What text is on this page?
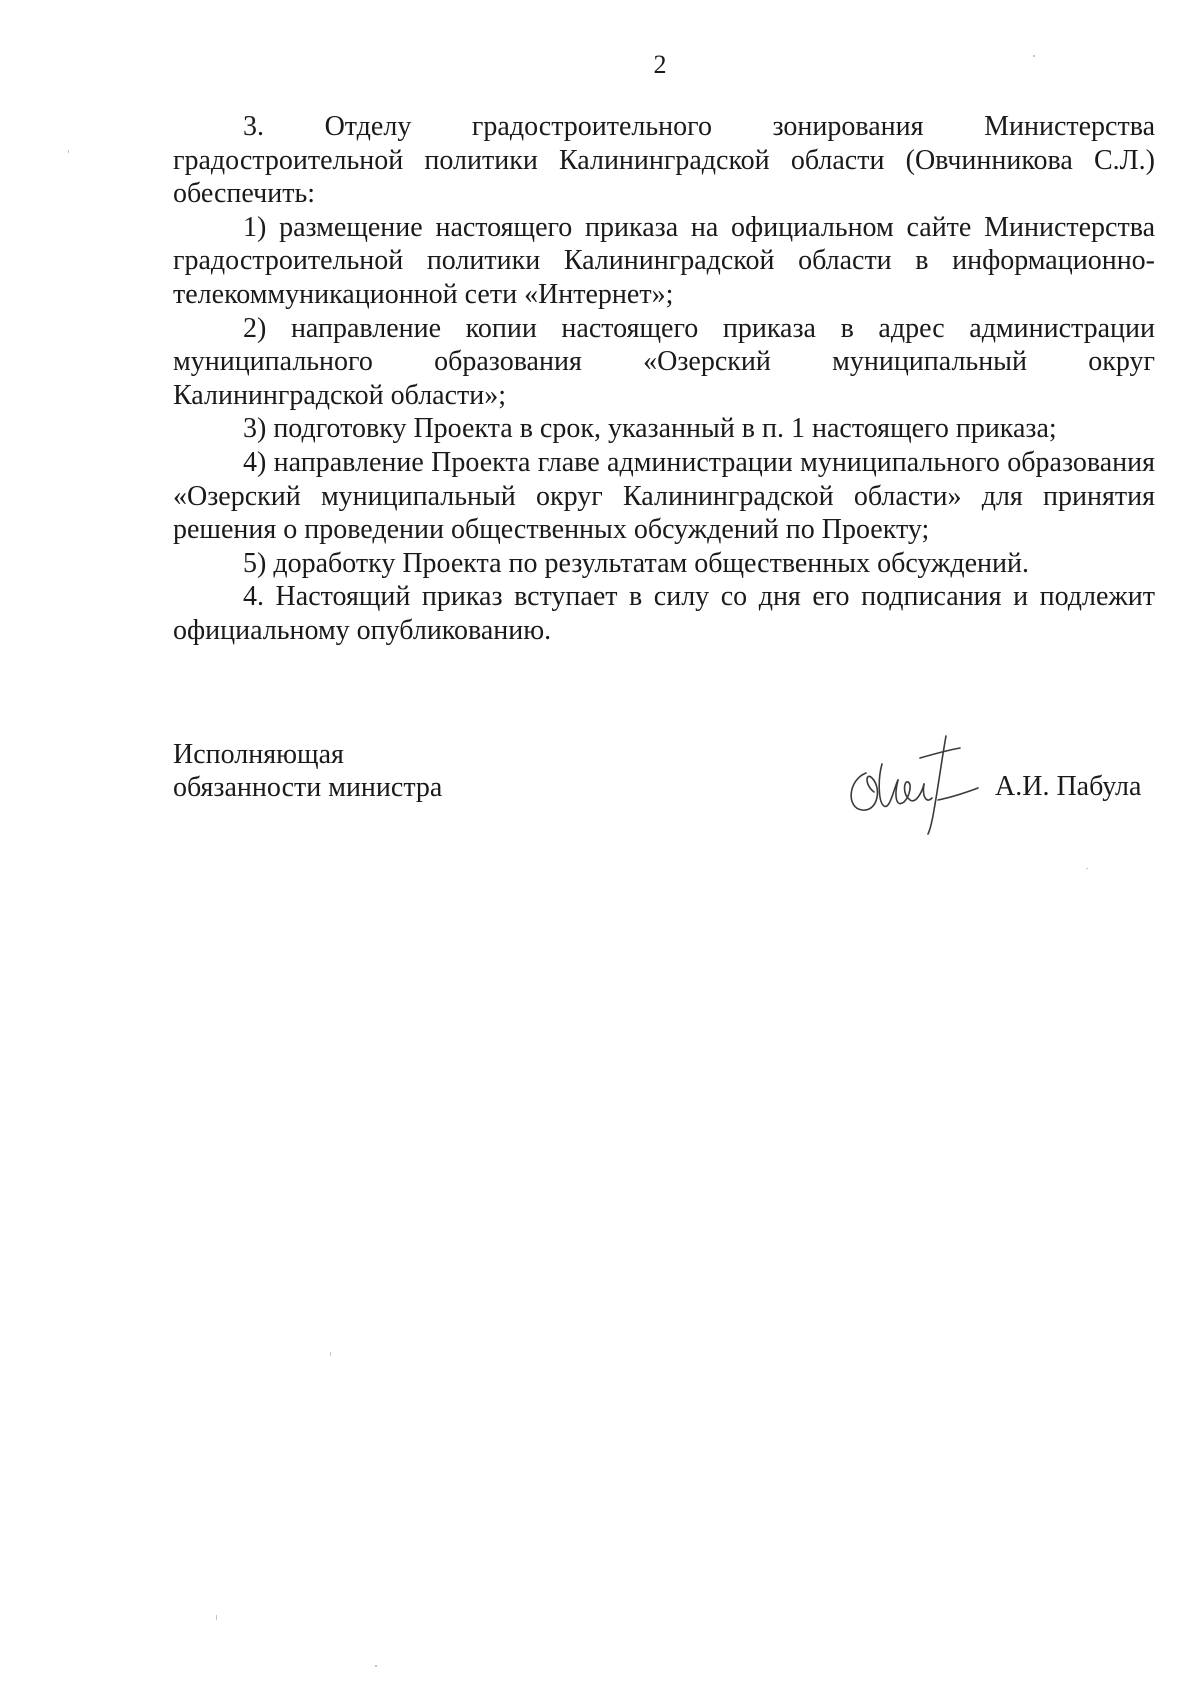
2

3. Отделу градостроительного зонирования Министерства градостроительной политики Калининградской области (Овчинникова С.Л.) обеспечить:

1) размещение настоящего приказа на официальном сайте Министерства градостроительной политики Калининградской области в информационно-телекоммуникационной сети «Интернет»;

2) направление копии настоящего приказа в адрес администрации муниципального образования «Озерский муниципальный округ Калининградской области»;

3) подготовку Проекта в срок, указанный в п. 1 настоящего приказа;

4) направление Проекта главе администрации муниципального образования «Озерский муниципальный округ Калининградской области» для принятия решения о проведении общественных обсуждений по Проекту;

5) доработку Проекта по результатам общественных обсуждений.

4. Настоящий приказ вступает в силу со дня его подписания и подлежит официальному опубликованию.

Исполняющая
обязанности министра	А.И. Пабула
